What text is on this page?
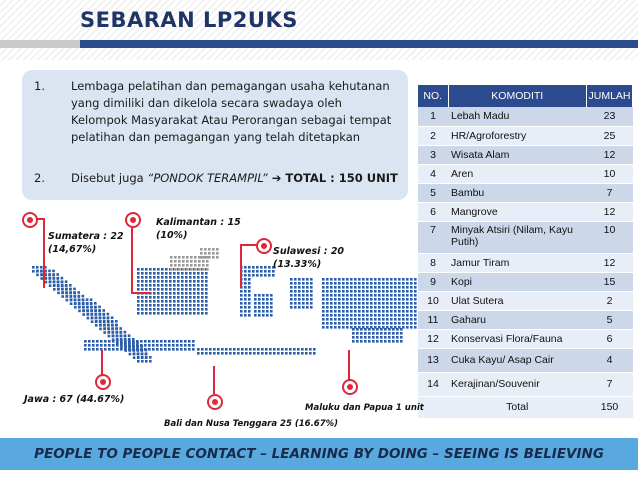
SEBARAN LP2UKS
1.	Lembaga pelatihan dan pemagangan usaha kehutanan yang dimiliki dan dikelola secara swadaya oleh Kelompok Masyarakat Atau Perorangan sebagai tempat pelatihan dan pemagangan yang telah ditetapkan
2.	Disebut juga “PONDOK TERAMPIL” ➔ TOTAL : 150 UNIT
NO.	KOMODITI	JUMLAH
1	Lebah Madu	23
2	HR/Agroforestry	25
3	Wisata Alam	12
4	Aren	10
5	Bambu	7
6	Mangrove	12
7	Minyak Atsiri (Nilam, Kayu Putih)	10
8	Jamur Tiram	12
9	Kopi	15
10	Ulat Sutera	2
11	Gaharu	5
12	Konservasi Flora/Fauna	6
13	Cuka Kayu/ Asap Cair	4
14	Kerajinan/Souvenir	7
	Total	150
Sumatera : 22
(14,67%)
Kalimantan : 15
(10%)
Sulawesi : 20
(13.33%)
Jawa : 67 (44.67%)
Bali dan Nusa Tenggara 25 (16.67%)
Maluku dan Papua 1 unit
PEOPLE TO PEOPLE CONTACT – LEARNING BY DOING – SEEING IS BELIEVING
